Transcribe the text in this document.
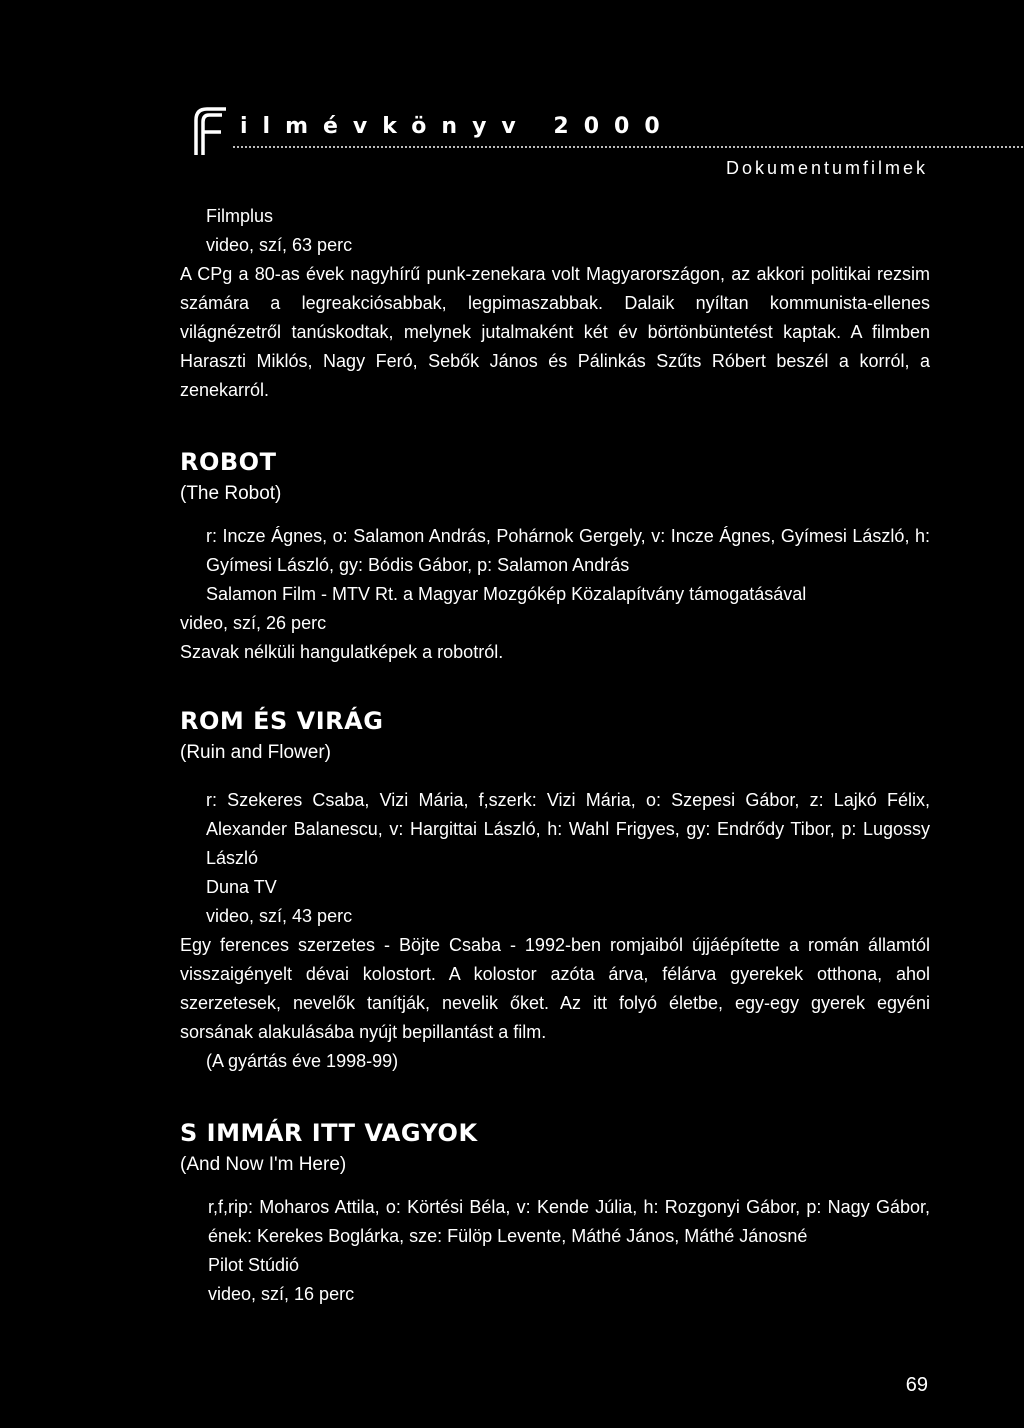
ilmévkönyv 2000
Dokumentumfilmek
Filmplus
video, szí, 63 perc
A CPg a 80-as évek nagyhírű punk-zenekara volt Magyarországon, az akkori politikai rezsim számára a legreakciósabbak, legpimaszabbak. Dalaik nyíltan kommunista-ellenes világnézetről tanúskodtak, melynek jutalmaként két év börtönbüntetést kaptak. A filmben Haraszti Miklós, Nagy Feró, Sebők János és Pálinkás Szűts Róbert beszél a korról, a zenekarról.
ROBOT
(The Robot)
r: Incze Ágnes, o: Salamon András, Pohárnok Gergely, v: Incze Ágnes, Gyímesi László, h: Gyímesi László, gy: Bódis Gábor, p: Salamon András
Salamon Film - MTV Rt. a Magyar Mozgókép Közalapítvány támogatásával
video, szí, 26 perc
Szavak nélküli hangulatképek a robotról.
ROM ÉS VIRÁG
(Ruin and Flower)
r: Szekeres Csaba, Vizi Mária, f,szerk: Vizi Mária, o: Szepesi Gábor, z: Lajkó Félix, Alexander Balanescu, v: Hargittai László, h: Wahl Frigyes, gy: Endrődy Tibor, p: Lugossy László
Duna TV
video, szí, 43 perc
Egy ferences szerzetes - Böjte Csaba - 1992-ben romjaiból újjáépítette a román államtól visszaigényelt dévai kolostort. A kolostor azóta árva, félárva gyerekek otthona, ahol szerzetesek, nevelők tanítják, nevelik őket. Az itt folyó életbe, egy-egy gyerek egyéni sorsának alakulásába nyújt bepillantást a film.
(A gyártás éve 1998-99)
S IMMÁR ITT VAGYOK
(And Now I'm Here)
r,f,rip: Moharos Attila, o: Körtési Béla, v: Kende Júlia, h: Rozgonyi Gábor, p: Nagy Gábor, ének: Kerekes Boglárka, sze: Fülöp Levente, Máthé János, Máthé Jánosné
Pilot Stúdió
video, szí, 16 perc
69
